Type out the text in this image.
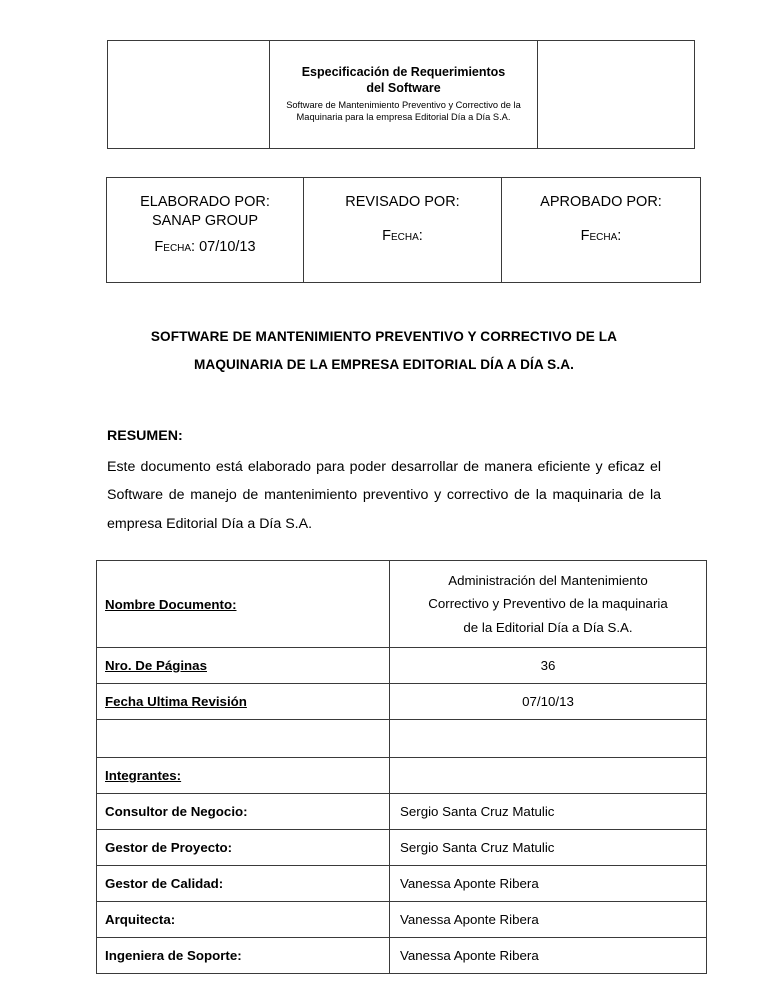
Especificación de Requerimientos
del Software

Software de Mantenimiento Preventivo y Correctivo de la Maquinaria para la empresa Editorial Día a Día S.A.

ELABORADO POR:
SANAP GROUP

Fecha: 07/10/13

REVISADO POR:

Fecha:

APROBADO POR:

Fecha:

SOFTWARE DE MANTENIMIENTO PREVENTIVO Y CORRECTIVO DE LA
MAQUINARIA DE LA EMPRESA EDITORIAL DÍA A DÍA S.A.

RESUMEN:

Este documento está elaborado para poder desarrollar de manera eficiente y eficaz el Software de manejo de mantenimiento preventivo y correctivo de la maquinaria de la empresa Editorial Día a Día S.A.

Nombre Documento:	Administración del Mantenimiento
Correctivo y Preventivo de la maquinaria
de la Editorial Día a Día S.A.
Nro. De Páginas	36
Fecha Ultima Revisión	07/10/13

Integrantes:	
Consultor de Negocio:	Sergio Santa Cruz Matulic
Gestor de Proyecto:	Sergio Santa Cruz Matulic
Gestor de Calidad:	Vanessa Aponte Ribera
Arquitecta:	Vanessa Aponte Ribera
Ingeniera de Soporte:	Vanessa Aponte Ribera
